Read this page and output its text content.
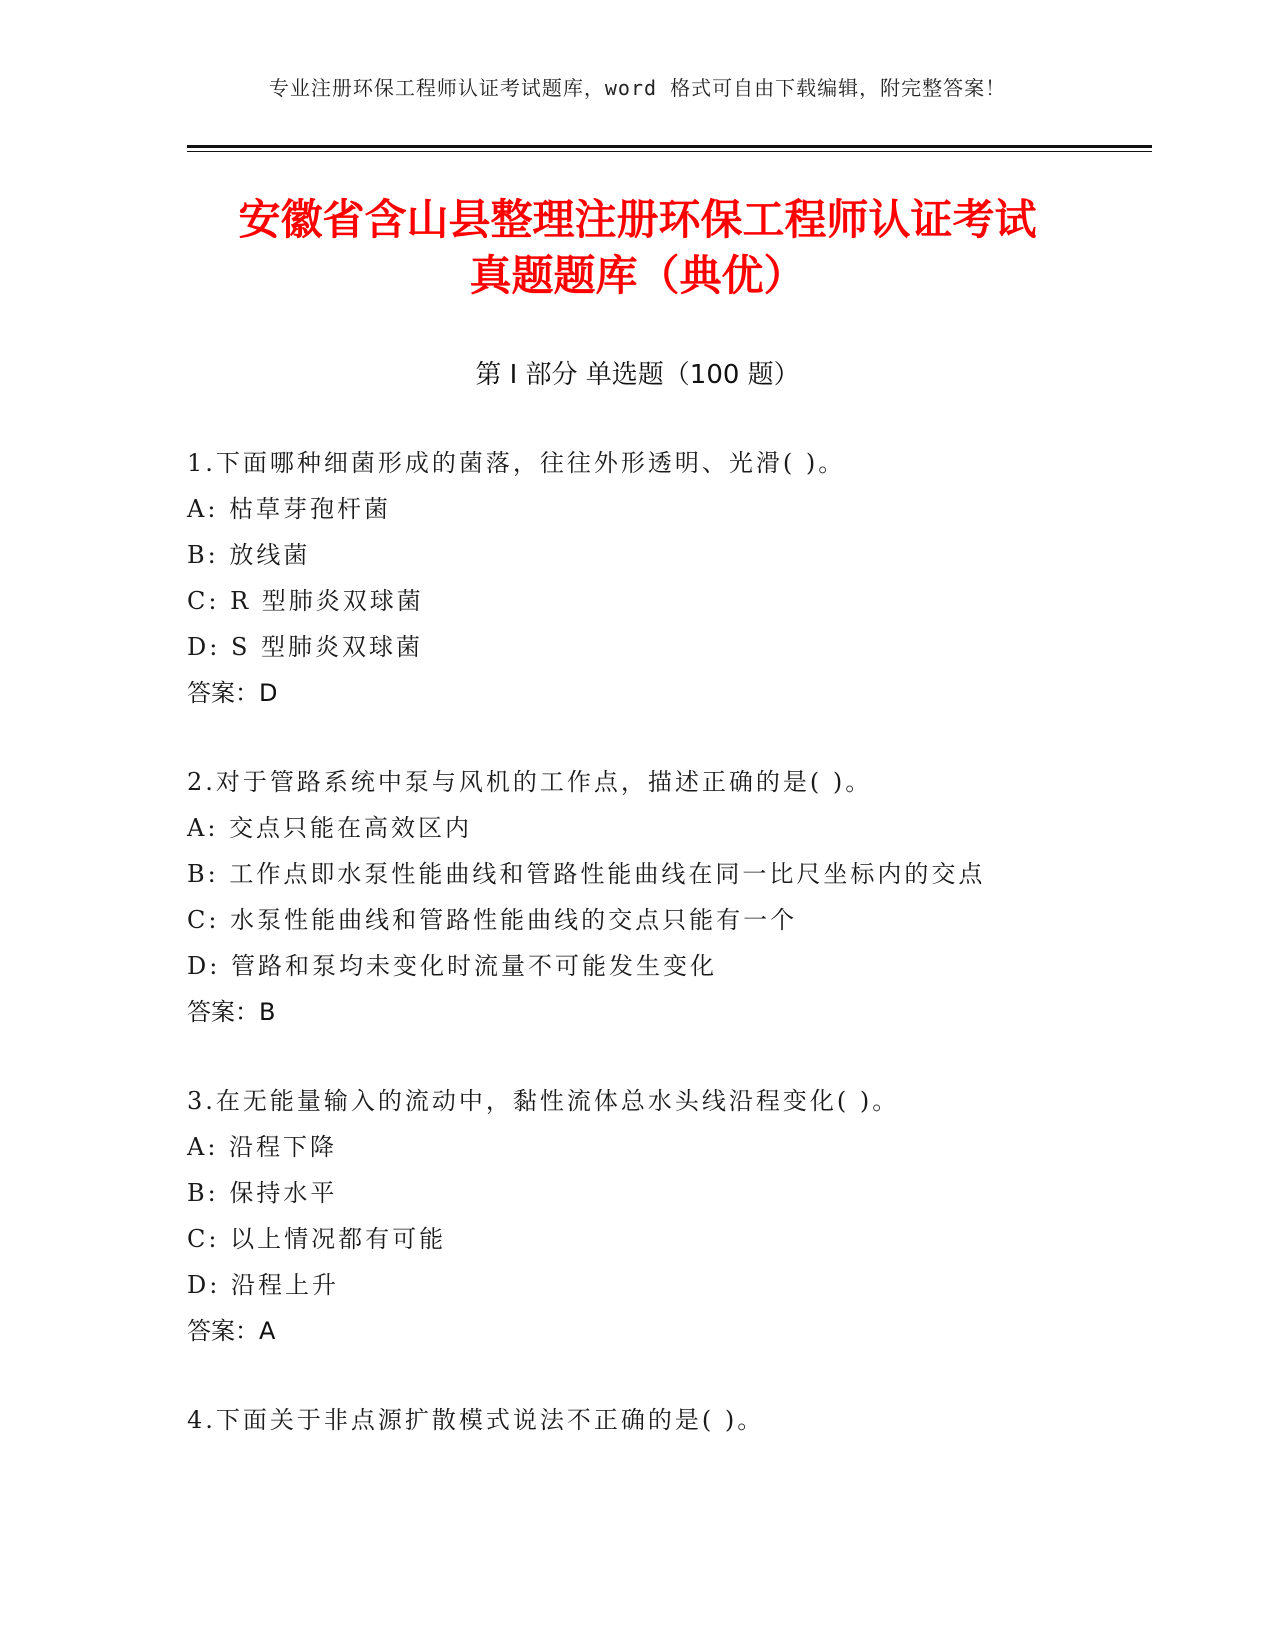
专业注册环保工程师认证考试题库，word 格式可自由下载编辑，附完整答案！
安徽省含山县整理注册环保工程师认证考试
真题题库（典优）
第 I 部分 单选题（100 题）
1.下面哪种细菌形成的菌落，往往外形透明、光滑( )。
A: 枯草芽孢杆菌
B: 放线菌
C: R 型肺炎双球菌
D: S 型肺炎双球菌
答案：D
2.对于管路系统中泵与风机的工作点，描述正确的是( )。
A: 交点只能在高效区内
B: 工作点即水泵性能曲线和管路性能曲线在同一比尺坐标内的交点
C: 水泵性能曲线和管路性能曲线的交点只能有一个
D: 管路和泵均未变化时流量不可能发生变化
答案：B
3.在无能量输入的流动中，黏性流体总水头线沿程变化( )。
A: 沿程下降
B: 保持水平
C: 以上情况都有可能
D: 沿程上升
答案：A
4.下面关于非点源扩散模式说法不正确的是( )。
